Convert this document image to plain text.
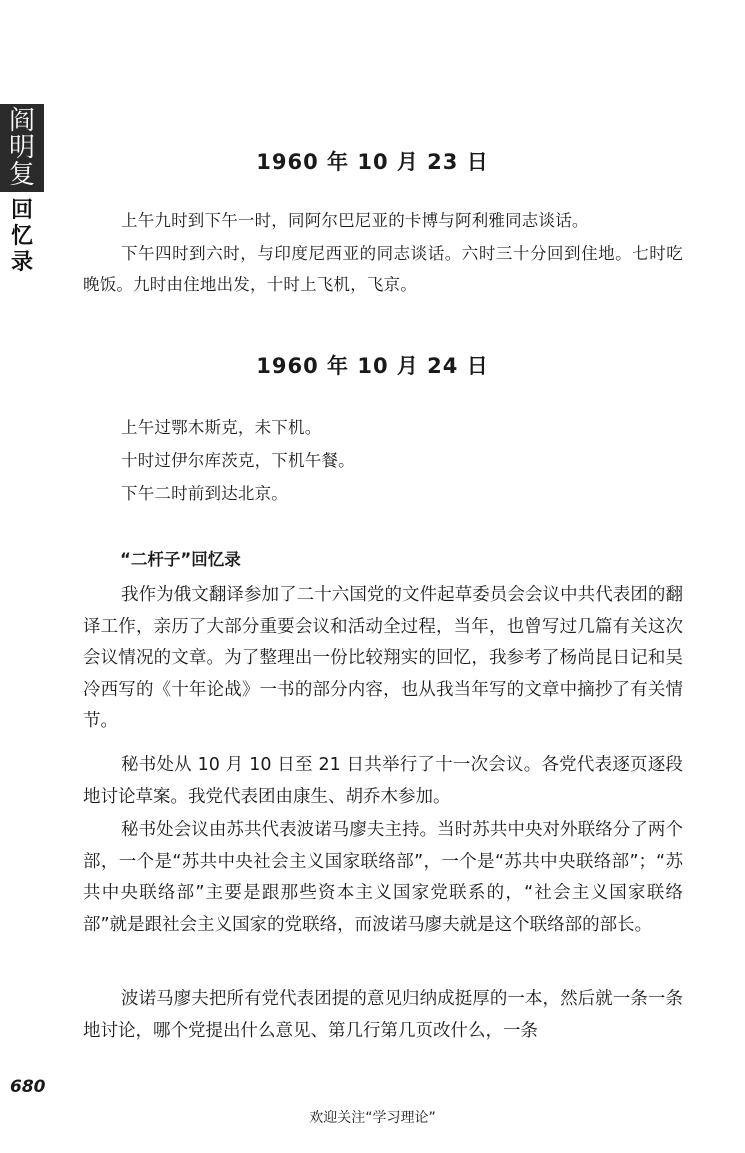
阎
明
复
回
忆
录
1960 年 10 月 23 日

上午九时到下午一时，同阿尔巴尼亚的卡博与阿利雅同志谈话。

下午四时到六时，与印度尼西亚的同志谈话。六时三十分回到住地。七时吃晚饭。九时由住地出发，十时上飞机，飞京。

1960 年 10 月 24 日

上午过鄂木斯克，未下机。

十时过伊尔库茨克，下机午餐。

下午二时前到达北京。

“二杆子”回忆录

我作为俄文翻译参加了二十六国党的文件起草委员会会议中共代表团的翻译工作，亲历了大部分重要会议和活动全过程，当年，也曾写过几篇有关这次会议情况的文章。为了整理出一份比较翔实的回忆，我参考了杨尚昆日记和吴冷西写的《十年论战》一书的部分内容，也从我当年写的文章中摘抄了有关情节。

秘书处从 10 月 10 日至 21 日共举行了十一次会议。各党代表逐页逐段地讨论草案。我党代表团由康生、胡乔木参加。

秘书处会议由苏共代表波诺马廖夫主持。当时苏共中央对外联络分了两个部，一个是“苏共中央社会主义国家联络部”，一个是“苏共中央联络部”；“苏共中央联络部”主要是跟那些资本主义国家党联系的，“社会主义国家联络部”就是跟社会主义国家的党联络，而波诺马廖夫就是这个联络部的部长。

波诺马廖夫把所有党代表团提的意见归纳成挺厚的一本，然后就一条一条地讨论，哪个党提出什么意见、第几行第几页改什么，一条

680

欢迎关注“学习理论”
